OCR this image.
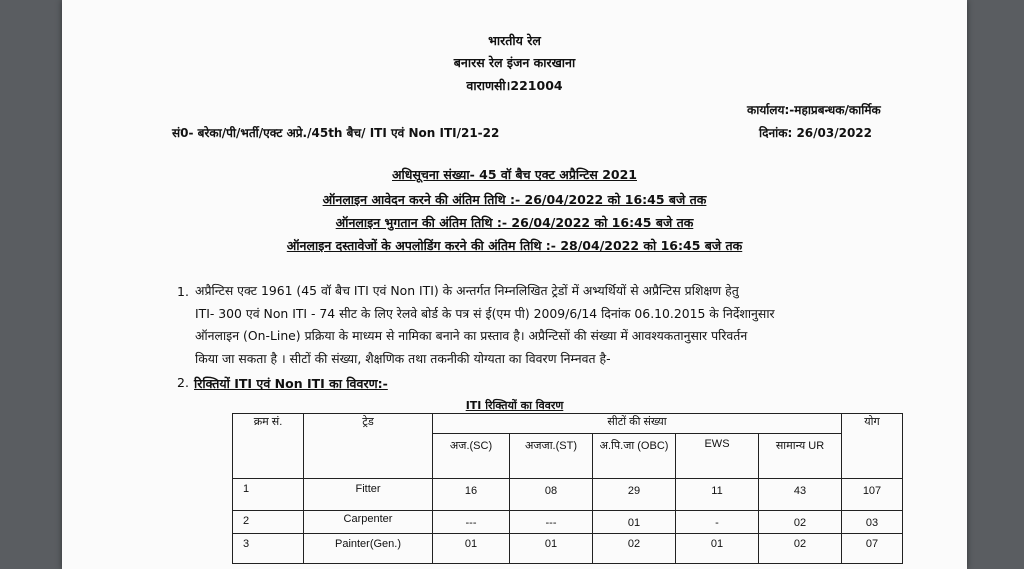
भारतीय रेल
बनारस रेल इंजन कारखाना
वाराणसी।221004
कार्यालय:-महाप्रबन्धक/कार्मिक
सं0- बरेका/पी/भर्ती/एक्ट अप्रे./45th बैच/ ITI एवं Non ITI/21-22	दिनांक: 26/03/2022
अधिसूचना संख्या- 45 वॉ बैच एक्ट अप्रैन्टिस 2021
ऑनलाइन आवेदन करने की अंतिम तिथि :- 26/04/2022 को 16:45 बजे तक
ऑनलाइन भुगतान की अंतिम तिथि :- 26/04/2022 को 16:45 बजे तक
ऑनलाइन दस्तावेजों के अपलोडिंग करने की अंतिम तिथि :- 28/04/2022 को 16:45 बजे तक
1. अप्रैन्टिस एक्ट 1961 (45 वॉ बैच ITI एवं Non ITI) के अन्तर्गत निम्नलिखित ट्रेडों में अभ्यर्थियों से अप्रैन्टिस प्रशिक्षण हेतु
ITI- 300 एवं Non ITI - 74 सीट के लिए रेलवे बोर्ड के पत्र सं ई(एम पी) 2009/6/14 दिनांक 06.10.2015 के निर्देशानुसार
ऑनलाइन (On-Line) प्रक्रिया के माध्यम से नामिका बनाने का प्रस्ताव है। अप्रैन्टिसों की संख्या में आवश्यकतानुसार परिवर्तन
किया जा सकता है । सीटों की संख्या, शैक्षणिक तथा तकनीकी योग्यता का विवरण निम्नवत है-
2. रिक्तियों ITI एवं Non ITI का विवरण:-
ITI रिक्तियों का विवरण
क्रम सं.	ट्रेड	सीटों की संख्या					योग
		अज.(SC)	अजजा.(ST)	अ.पि.जा (OBC)	EWS	सामान्य UR	
1	Fitter	16	08	29	11	43	107
2	Carpenter	---	---	01	-	02	03
3	Painter(Gen.)	01	01	02	01	02	07
